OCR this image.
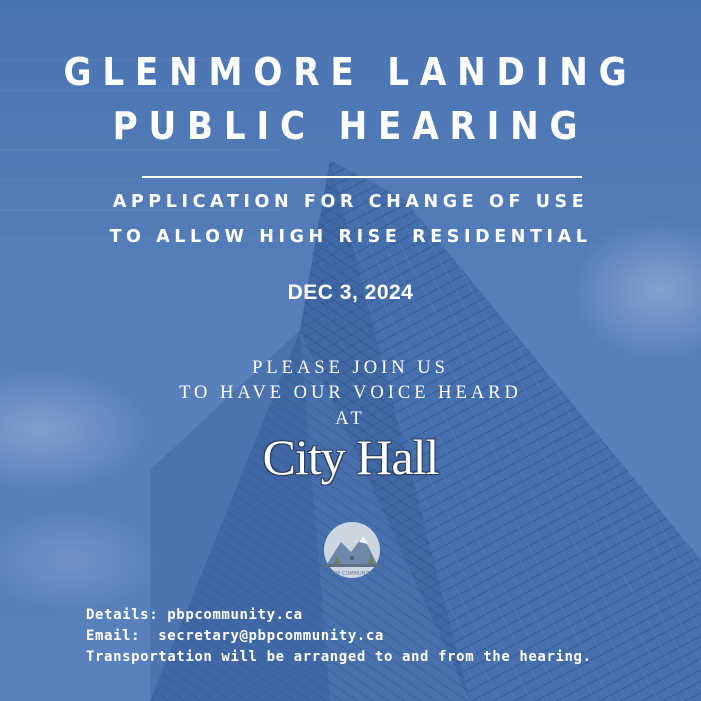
GLENMORE LANDING
PUBLIC HEARING
APPLICATION FOR CHANGE OF USE
TO ALLOW HIGH RISE RESIDENTIAL
DEC 3, 2024
PLEASE JOIN US
TO HAVE OUR VOICE HEARD
AT
City Hall
PBP COMMUNITY
Details: pbpcommunity.ca
Email:  secretary@pbpcommunity.ca
Transportation will be arranged to and from the hearing.
